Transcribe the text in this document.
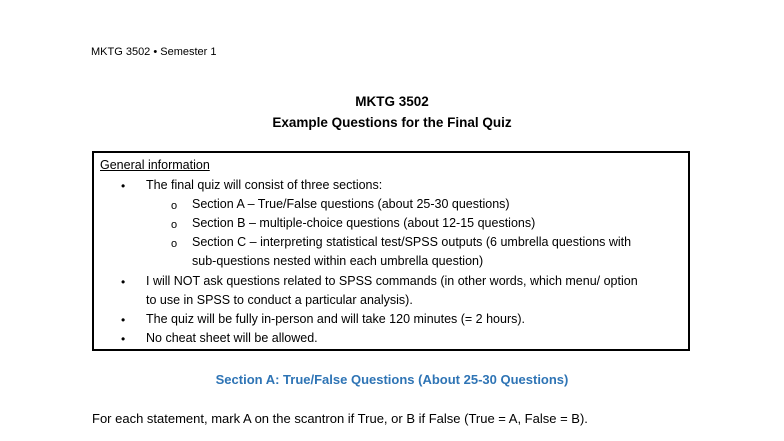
MKTG 3502 • Semester 1
MKTG 3502
Example Questions for the Final Quiz
General information
• The final quiz will consist of three sections:
o Section A – True/False questions (about 25-30 questions)
o Section B – multiple-choice questions (about 12-15 questions)
o Section C – interpreting statistical test/SPSS outputs (6 umbrella questions with
sub-questions nested within each umbrella question)
• I will NOT ask questions related to SPSS commands (in other words, which menu/ option
to use in SPSS to conduct a particular analysis).
• The quiz will be fully in-person and will take 120 minutes (= 2 hours).
• No cheat sheet will be allowed.
Section A: True/False Questions (About 25-30 Questions)
For each statement, mark A on the scantron if True, or B if False (True = A, False = B).
